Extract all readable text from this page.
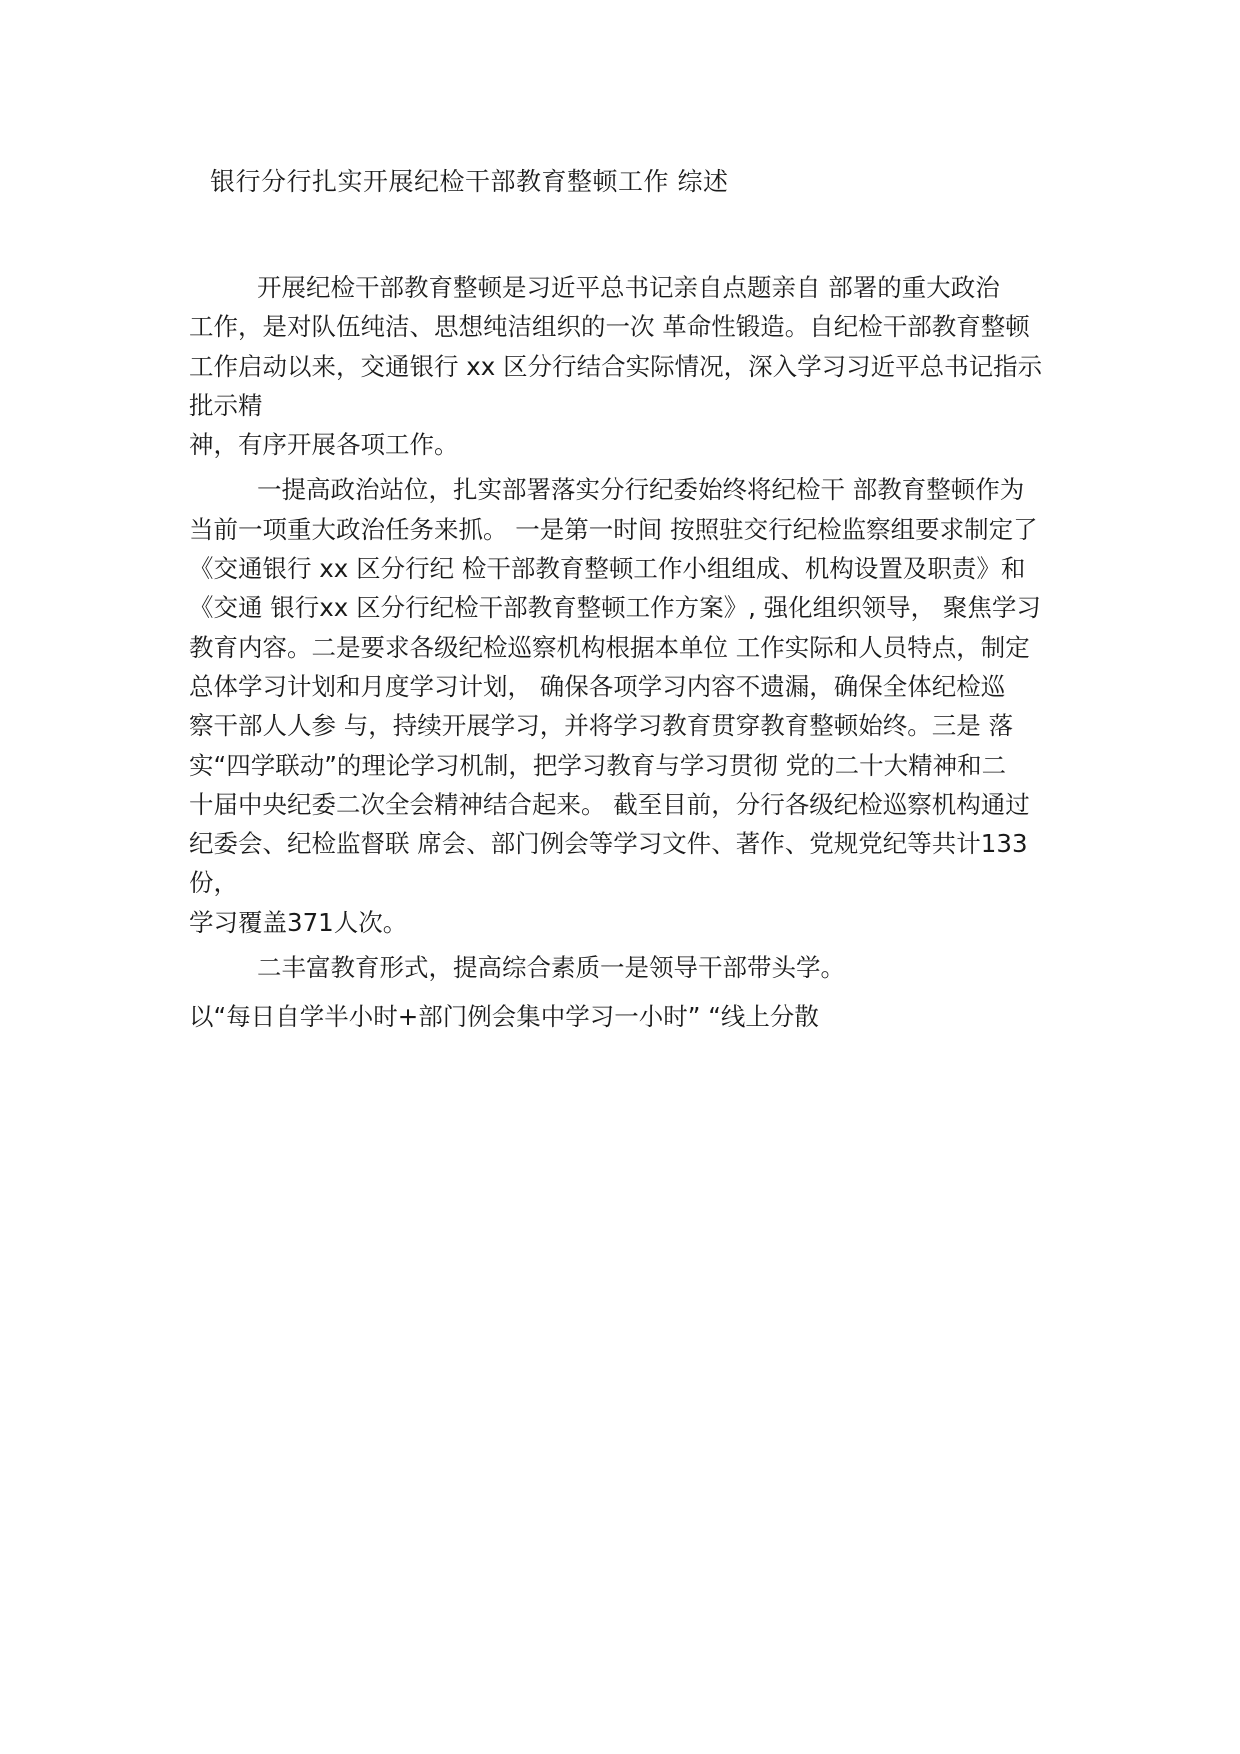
银行分行扎实开展纪检干部教育整顿工作 综述
开展纪检干部教育整顿是习近平总书记亲自点题亲自 部署的重大政治
工作，是对队伍纯洁、思想纯洁组织的一次 革命性锻造。自纪检干部教育整顿
工作启动以来，交通银行 xx 区分行结合实际情况，深入学习习近平总书记指示
批示精
神，有序开展各项工作。
一提高政治站位，扎实部署落实分行纪委始终将纪检干 部教育整顿作为
当前一项重大政治任务来抓。 一是第一时间 按照驻交行纪检监察组要求制定了
《交通银行 xx 区分行纪 检干部教育整顿工作小组组成、机构设置及职责》和
《交通 银行xx 区分行纪检干部教育整顿工作方案》, 强化组织领导， 聚焦学习
教育内容。二是要求各级纪检巡察机构根据本单位 工作实际和人员特点，制定
总体学习计划和月度学习计划， 确保各项学习内容不遗漏，确保全体纪检巡
察干部人人参 与，持续开展学习，并将学习教育贯穿教育整顿始终。三是 落
实“四学联动”的理论学习机制，把学习教育与学习贯彻 党的二十大精神和二
十届中央纪委二次全会精神结合起来。 截至目前，分行各级纪检巡察机构通过
纪委会、纪检监督联 席会、部门例会等学习文件、著作、党规党纪等共计133
份，
学习覆盖371人次。
二丰富教育形式，提高综合素质一是领导干部带头学。
以“每日自学半小时+部门例会集中学习一小时” “线上分散
